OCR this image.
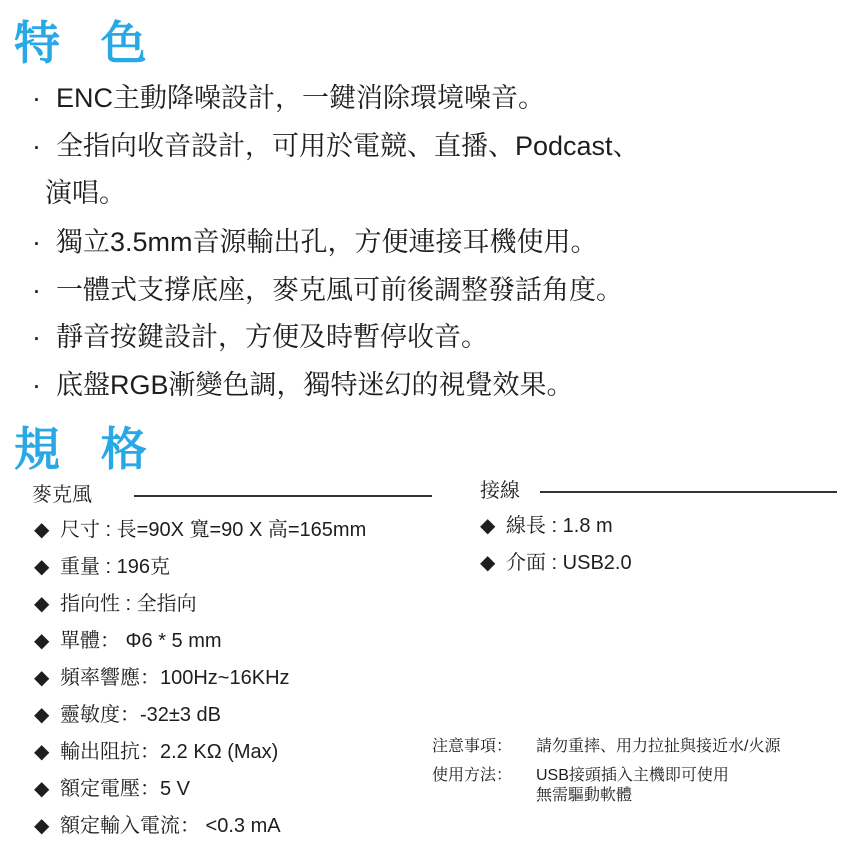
特 色
· ENC主動降噪設計，一鍵消除環境噪音。
· 全指向收音設計，可用於電競、直播、Podcast、
演唱。
· 獨立3.5mm音源輸出孔，方便連接耳機使用。
· 一體式支撐底座，麥克風可前後調整發話角度。
· 靜音按鍵設計，方便及時暫停收音。
· 底盤RGB漸變色調，獨特迷幻的視覺效果。
規 格
麥克風
◆ 尺寸 : 長=90X 寬=90 X 高=165mm
◆ 重量 : 196克
◆ 指向性 : 全指向
◆ 單體： Φ6 * 5 mm
◆ 頻率響應：100Hz~16KHz
◆ 靈敏度：-32±3 dB
◆ 輸出阻抗：2.2 KΩ (Max)
◆ 額定電壓：5 V
◆ 額定輸入電流： <0.3 mA
接線
◆ 線長 : 1.8 m
◆ 介面 : USB2.0
注意事項： 請勿重摔、用力拉扯與接近水/火源
使用方法： USB接頭插入主機即可使用
無需驅動軟體
